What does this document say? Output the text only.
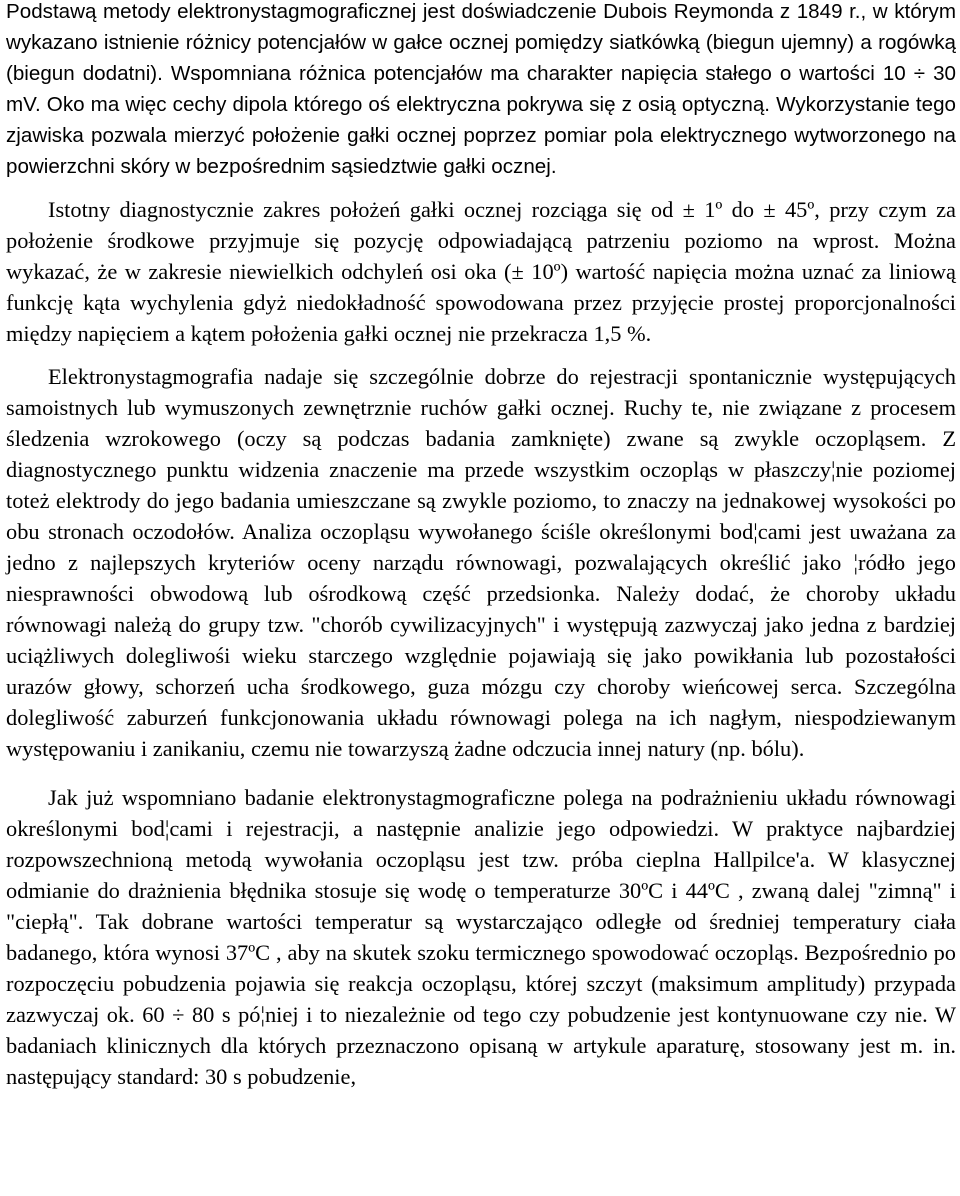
Podstawą metody elektronystagmograficznej jest doświadczenie Dubois Reymonda z 1849 r., w którym wykazano istnienie różnicy potencjałów w gałce ocznej pomiędzy siatkówką (biegun ujemny) a rogówką (biegun dodatni). Wspomniana różnica potencjałów ma charakter napięcia stałego o wartości 10 ÷ 30 mV. Oko ma więc cechy dipola którego oś elektryczna pokrywa się z osią optyczną. Wykorzystanie tego zjawiska pozwala mierzyć położenie gałki ocznej poprzez pomiar pola elektrycznego wytworzonego na powierzchni skóry w bezpośrednim sąsiedztwie gałki ocznej.

Istotny diagnostycznie zakres położeń gałki ocznej rozciąga się od ± 1º do ± 45º, przy czym za położenie środkowe przyjmuje się pozycję odpowiadającą patrzeniu poziomo na wprost. Można wykazać, że w zakresie niewielkich odchyleń osi oka (± 10º) wartość napięcia można uznać za liniową funkcję kąta wychylenia gdyż niedokładność spowodowana przez przyjęcie prostej proporcjonalności między napięciem a kątem położenia gałki ocznej nie przekracza 1,5 %.

Elektronystagmografia nadaje się szczególnie dobrze do rejestracji spontanicznie występujących samoistnych lub wymuszonych zewnętrznie ruchów gałki ocznej. Ruchy te, nie związane z procesem śledzenia wzrokowego (oczy są podczas badania zamknięte) zwane są zwykle oczopląsem. Z diagnostycznego punktu widzenia znaczenie ma przede wszystkim oczopląs w płaszczy¦nie poziomej toteż elektrody do jego badania umieszczane są zwykle poziomo, to znaczy na jednakowej wysokości po obu stronach oczodołów. Analiza oczopląsu wywołanego ściśle określonymi bod¦cami jest uważana za jedno z najlepszych kryteriów oceny narządu równowagi, pozwalających określić jako ¦ródło jego niesprawności obwodową lub ośrodkową część przedsionka. Należy dodać, że choroby układu równowagi należą do grupy tzw. "chorób cywilizacyjnych" i występują zazwyczaj jako jedna z bardziej uciążliwych dolegliwośi wieku starczego względnie pojawiają się jako powikłania lub pozostałości urazów głowy, schorzeń ucha środkowego, guza mózgu czy choroby wieńcowej serca. Szczególna dolegliwość zaburzeń funkcjonowania układu równowagi polega na ich nagłym, niespodziewanym występowaniu i zanikaniu, czemu nie towarzyszą żadne odczucia innej natury (np. bólu).

Jak już wspomniano badanie elektronystagmograficzne polega na podrażnieniu układu równowagi określonymi bod¦cami i rejestracji, a następnie analizie jego odpowiedzi. W praktyce najbardziej rozpowszechnioną metodą wywołania oczopląsu jest tzw. próba cieplna Hallpilce'a. W klasycznej odmianie do drażnienia błędnika stosuje się wodę o temperaturze 30ºC i 44ºC , zwaną dalej "zimną" i "ciepłą". Tak dobrane wartości temperatur są wystarczająco odległe od średniej temperatury ciała badanego, która wynosi 37ºC , aby na skutek szoku termicznego spowodować oczopląs. Bezpośrednio po rozpoczęciu pobudzenia pojawia się reakcja oczopląsu, której szczyt (maksimum amplitudy) przypada zazwyczaj ok. 60 ÷ 80 s pó¦niej i to niezależnie od tego czy pobudzenie jest kontynuowane czy nie. W badaniach klinicznych dla których przeznaczono opisaną w artykule aparaturę, stosowany jest m. in. następujący standard: 30 s pobudzenie,
